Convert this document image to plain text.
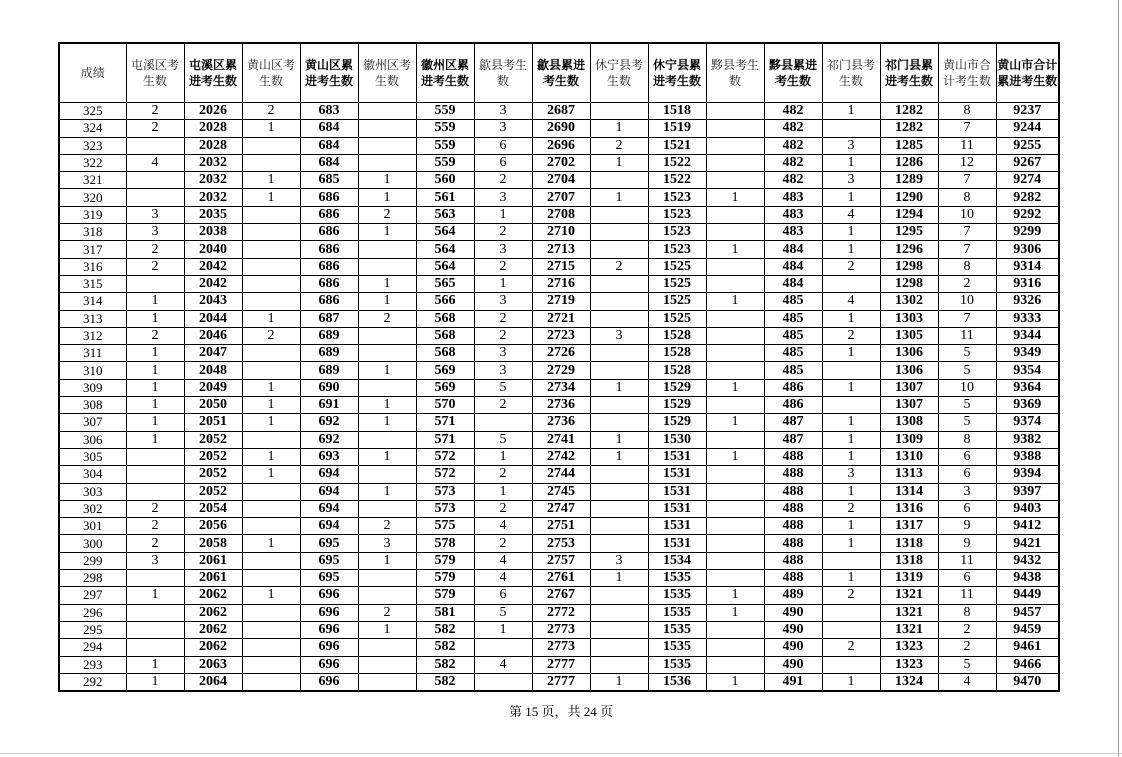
成绩	屯溪区考生数	屯溪区累进考生数	黄山区考生数	黄山区累进考生数	徽州区考生数	徽州区累进考生数	歙县考生数	歙县累进考生数	休宁县考生数	休宁县累进考生数	黟县考生数	黟县累进考生数	祁门县考生数	祁门县累进考生数	黄山市合计考生数	黄山市合计累进考生数
325	2	2026	2	683		559	3	2687		1518		482	1	1282	8	9237
324	2	2028	1	684		559	3	2690	1	1519		482		1282	7	9244
323		2028		684		559	6	2696	2	1521		482	3	1285	11	9255
322	4	2032		684		559	6	2702	1	1522		482	1	1286	12	9267
321		2032	1	685	1	560	2	2704		1522		482	3	1289	7	9274
320		2032	1	686	1	561	3	2707	1	1523	1	483	1	1290	8	9282
319	3	2035		686	2	563	1	2708		1523		483	4	1294	10	9292
318	3	2038		686	1	564	2	2710		1523		483	1	1295	7	9299
317	2	2040		686		564	3	2713		1523	1	484	1	1296	7	9306
316	2	2042		686		564	2	2715	2	1525		484	2	1298	8	9314
315		2042		686	1	565	1	2716		1525		484		1298	2	9316
314	1	2043		686	1	566	3	2719		1525	1	485	4	1302	10	9326
313	1	2044	1	687	2	568	2	2721		1525		485	1	1303	7	9333
312	2	2046	2	689		568	2	2723	3	1528		485	2	1305	11	9344
311	1	2047		689		568	3	2726		1528		485	1	1306	5	9349
310	1	2048		689	1	569	3	2729		1528		485		1306	5	9354
309	1	2049	1	690		569	5	2734	1	1529	1	486	1	1307	10	9364
308	1	2050	1	691	1	570	2	2736		1529		486		1307	5	9369
307	1	2051	1	692	1	571		2736		1529	1	487	1	1308	5	9374
306	1	2052		692		571	5	2741	1	1530		487	1	1309	8	9382
305		2052	1	693	1	572	1	2742	1	1531	1	488	1	1310	6	9388
304		2052	1	694		572	2	2744		1531		488	3	1313	6	9394
303		2052		694	1	573	1	2745		1531		488	1	1314	3	9397
302	2	2054		694		573	2	2747		1531		488	2	1316	6	9403
301	2	2056		694	2	575	4	2751		1531		488	1	1317	9	9412
300	2	2058	1	695	3	578	2	2753		1531		488	1	1318	9	9421
299	3	2061		695	1	579	4	2757	3	1534		488		1318	11	9432
298		2061		695		579	4	2761	1	1535		488	1	1319	6	9438
297	1	2062	1	696		579	6	2767		1535	1	489	2	1321	11	9449
296		2062		696	2	581	5	2772		1535	1	490		1321	8	9457
295		2062		696	1	582	1	2773		1535		490		1321	2	9459
294		2062		696		582		2773		1535		490	2	1323	2	9461
293	1	2063		696		582	4	2777		1535		490		1323	5	9466
292	1	2064		696		582		2777	1	1536	1	491	1	1324	4	9470
第 15 页，共 24 页
